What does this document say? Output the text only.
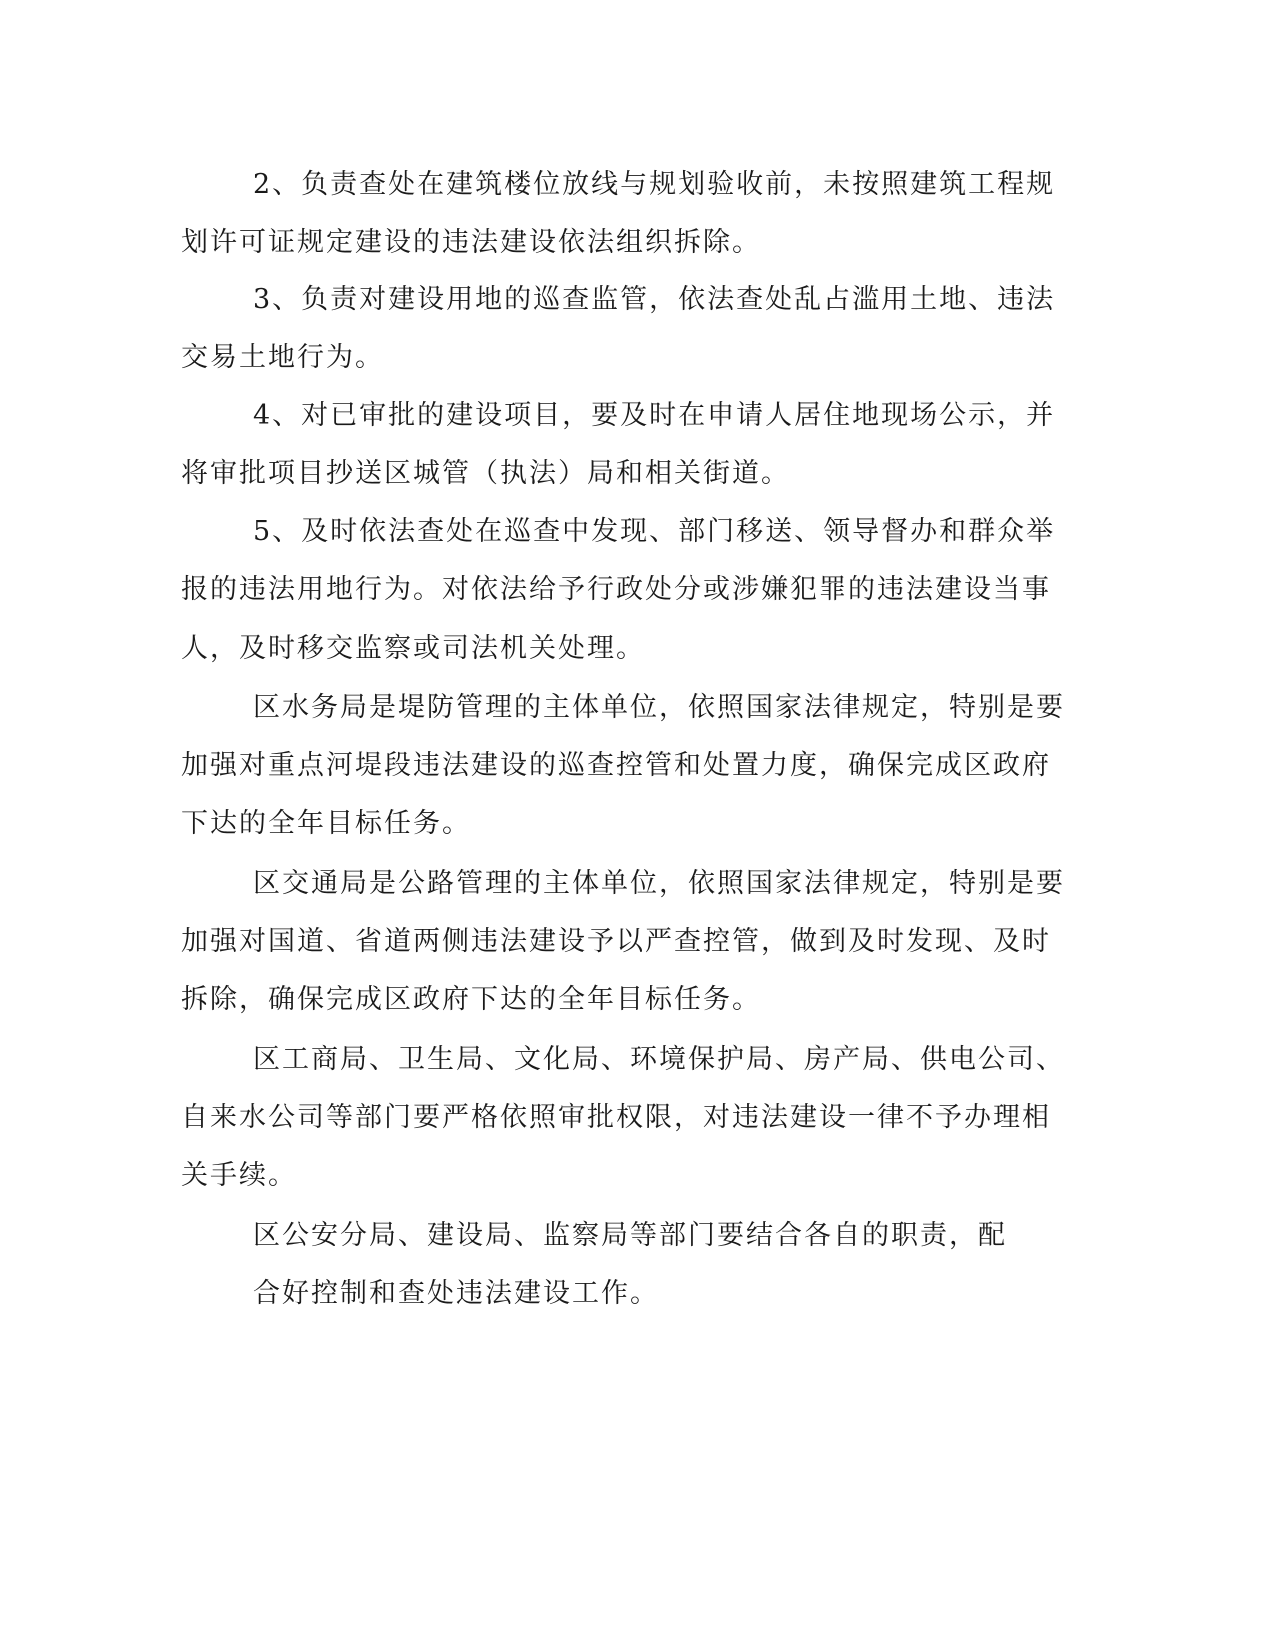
2、负责查处在建筑楼位放线与规划验收前，未按照建筑工程规
划许可证规定建设的违法建设依法组织拆除。
3、负责对建设用地的巡查监管，依法查处乱占滥用土地、违法
交易土地行为。
4、对已审批的建设项目，要及时在申请人居住地现场公示，并
将审批项目抄送区城管（执法）局和相关街道。
5、及时依法查处在巡查中发现、部门移送、领导督办和群众举
报的违法用地行为。对依法给予行政处分或涉嫌犯罪的违法建设当事
人，及时移交监察或司法机关处理。
区水务局是堤防管理的主体单位，依照国家法律规定，特别是要
加强对重点河堤段违法建设的巡查控管和处置力度，确保完成区政府
下达的全年目标任务。
区交通局是公路管理的主体单位，依照国家法律规定，特别是要
加强对国道、省道两侧违法建设予以严查控管，做到及时发现、及时
拆除，确保完成区政府下达的全年目标任务。
区工商局、卫生局、文化局、环境保护局、房产局、供电公司、
自来水公司等部门要严格依照审批权限，对违法建设一律不予办理相
关手续。
区公安分局、建设局、监察局等部门要结合各自的职责，配
合好控制和查处违法建设工作。
